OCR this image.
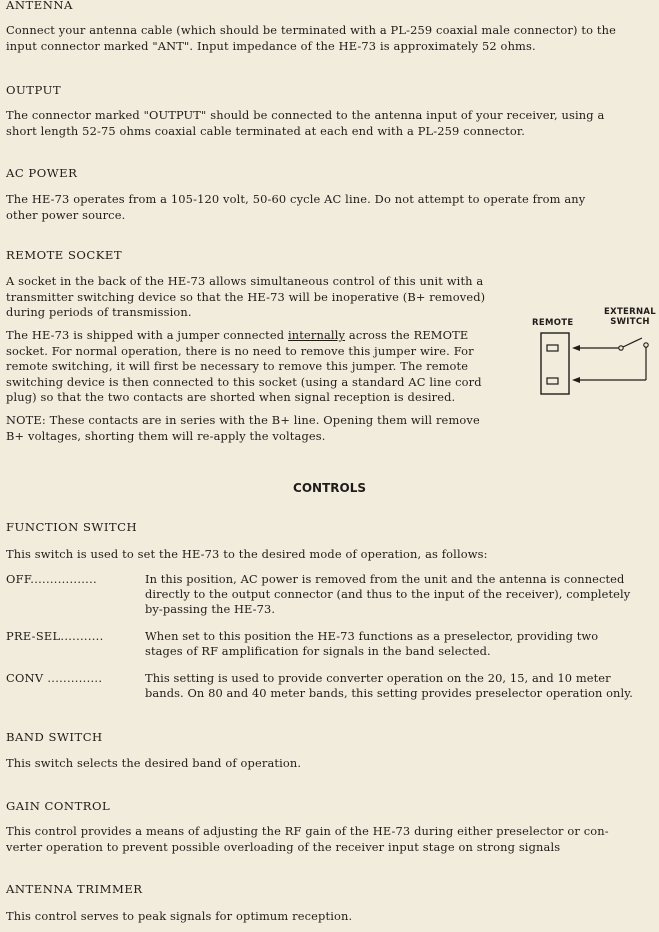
ANTENNA
Connect your antenna cable (which should be terminated with a PL-259 coaxial male connector) to the
input connector marked "ANT". Input impedance of the HE-73 is approximately 52 ohms.
OUTPUT
The connector marked "OUTPUT" should be connected to the antenna input of your receiver, using a
short length 52-75 ohms coaxial cable terminated at each end with a PL-259 connector.
AC POWER
The HE-73 operates from a 105-120 volt, 50-60 cycle AC line. Do not attempt to operate from any
other power source.
REMOTE SOCKET
A socket in the back of the HE-73 allows simultaneous control of this unit with a
transmitter switching device so that the HE-73 will be inoperative (B+ removed)
during periods of transmission.
The HE-73 is shipped with a jumper connected internally across the REMOTE
socket. For normal operation, there is no need to remove this jumper wire. For
remote switching, it will first be necessary to remove this jumper. The remote
switching device is then connected to this socket (using a standard AC line cord
plug) so that the two contacts are shorted when signal reception is desired.
NOTE: These contacts are in series with the B+ line. Opening them will remove
B+ voltages, shorting them will re-apply the voltages.
REMOTE
EXTERNAL
SWITCH
CONTROLS
FUNCTION SWITCH
This switch is used to set the HE-73 to the desired mode of operation, as follows:
OFF.................	In this position, AC power is removed from the unit and the antenna is connected
directly to the output connector (and thus to the input of the receiver), completely
by-passing the HE-73.
PRE-SEL...........	When set to this position the HE-73 functions as a preselector, providing two
stages of RF amplification for signals in the band selected.
CONV ..............	This setting is used to provide converter operation on the 20, 15, and 10 meter
bands. On 80 and 40 meter bands, this setting provides preselector operation only.
BAND SWITCH
This switch selects the desired band of operation.
GAIN CONTROL
This control provides a means of adjusting the RF gain of the HE-73 during either preselector or con-
verter operation to prevent possible overloading of the receiver input stage on strong signals
ANTENNA TRIMMER
This control serves to peak signals for optimum reception.
